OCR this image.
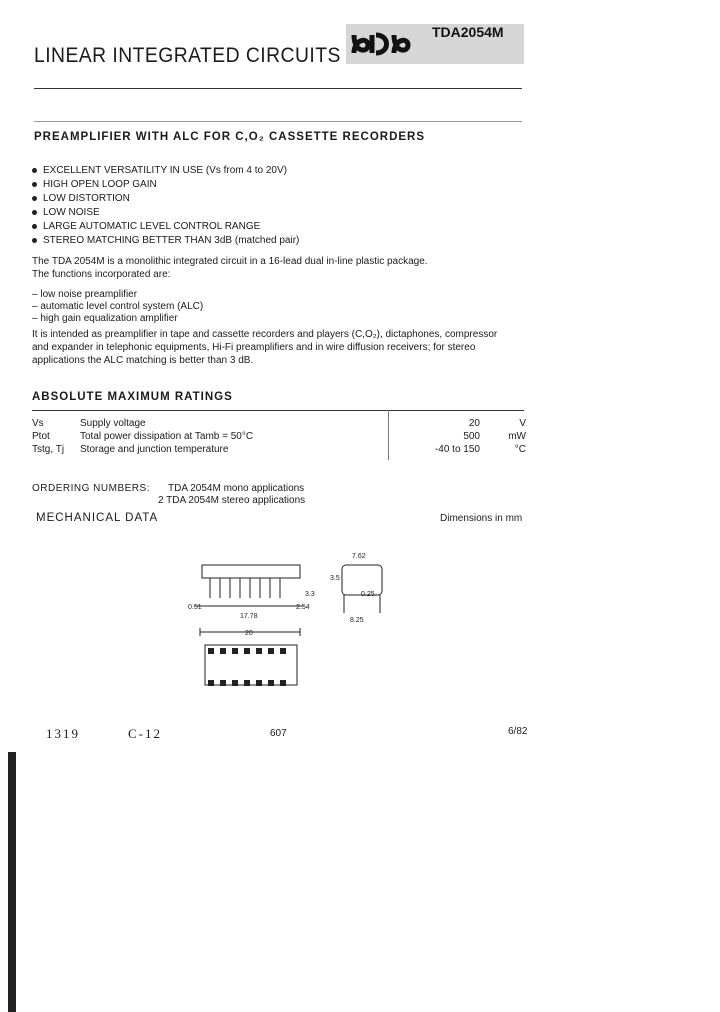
LINEAR INTEGRATED CIRCUITS
TDA2054M
PREAMPLIFIER WITH ALC FOR C,O₂ CASSETTE RECORDERS
EXCELLENT VERSATILITY IN USE (Vs from 4 to 20V)
HIGH OPEN LOOP GAIN
LOW DISTORTION
LOW NOISE
LARGE AUTOMATIC LEVEL CONTROL RANGE
STEREO MATCHING BETTER THAN 3dB (matched pair)
The TDA 2054M is a monolithic integrated circuit in a 16-lead dual in-line plastic package.
The functions incorporated are:
– low noise preamplifier
– automatic level control system (ALC)
– high gain equalization amplifier
It is intended as preamplifier in tape and cassette recorders and players (C,O₂), dictaphones, compressor
and expander in telephonic equipments, Hi-Fi preamplifiers and in wire diffusion receivers; for stereo
applications the ALC matching is better than 3 dB.
ABSOLUTE MAXIMUM RATINGS
Vs	Supply voltage	20	V
Ptot	Total power dissipation at Tamb = 50°C	500	mW
Tstg, Tj Storage and junction temperature	-40 to 150	°C
ORDERING NUMBERS: TDA 2054M mono applications
2 TDA 2054M stereo applications
MECHANICAL DATA	Dimensions in mm
0.51
17.78
2.54
3.3
20
7.62
8.25
0.25
3.5
1319	C-12	607	6/82
